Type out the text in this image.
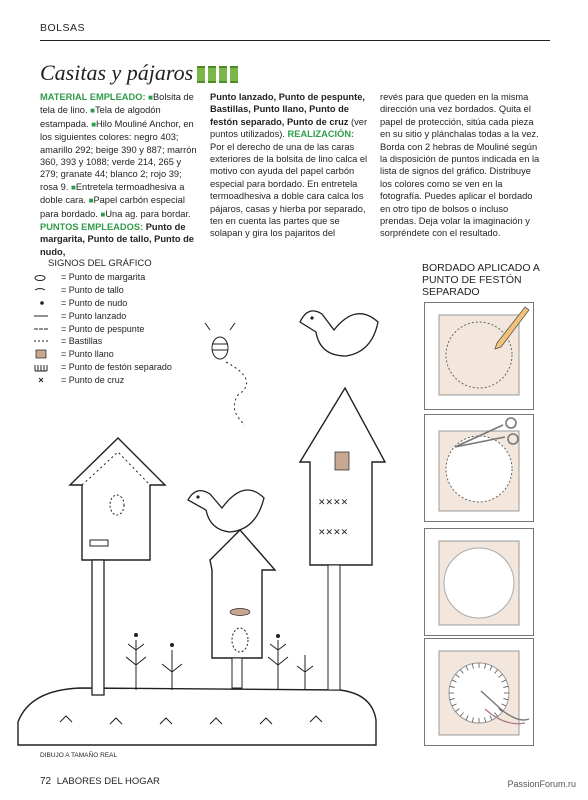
BOLSAS
Casitas y pájaros
MATERIAL EMPLEADO: ■Bolsita de tela de lino. ■Tela de algodón estampada. ■Hilo Mouliné Anchor, en los siguientes colores: negro 403; amarillo 292; beige 390 y 887; marrón 360, 393 y 1088; verde 214, 265 y 279; granate 44; blanco 2; rojo 39; rosa 9. ■Entretela termoadhesiva a doble cara. ■Papel carbón especial para bordado. ■Una ag. para bordar.
PUNTOS EMPLEADOS: Punto de margarita, Punto de tallo, Punto de nudo,
Punto lanzado, Punto de pespunte, Bastillas, Punto llano, Punto de festón separado, Punto de cruz (ver puntos utilizados). REALIZACIÓN: Por el derecho de una de las caras exteriores de la bolsita de lino calca el motivo con ayuda del papel carbón especial para bordado. En entretela termoadhesiva a doble cara calca los pájaros, casas y hierba por separado, ten en cuenta las partes que se solapan y gira los pajaritos del
revés para que queden en la misma dirección una vez bordados. Quita el papel de protección, sitúa cada pieza en su sitio y plánchalas todas a la vez. Borda con 2 hebras de Mouliné según la disposición de puntos indicada en la lista de signos del gráfico. Distribuye los colores como se ven en la fotografía. Puedes aplicar el bordado en otro tipo de bolsos o incluso prendas. Deja volar la imaginación y sorpréndete con el resultado.
SIGNOS DEL GRÁFICO
= Punto de margarita
= Punto de tallo
= Punto de nudo
= Punto lanzado
= Punto de pespunte
= Bastillas
= Punto llano
= Punto de festón separado
= Punto de cruz
BORDADO APLICADO A PUNTO DE FESTÓN SEPARADO
✕✕✕✕
✕✕✕✕
DIBUJO A TAMAÑO REAL
72 LABORES DEL HOGAR	PassionForum.ru
